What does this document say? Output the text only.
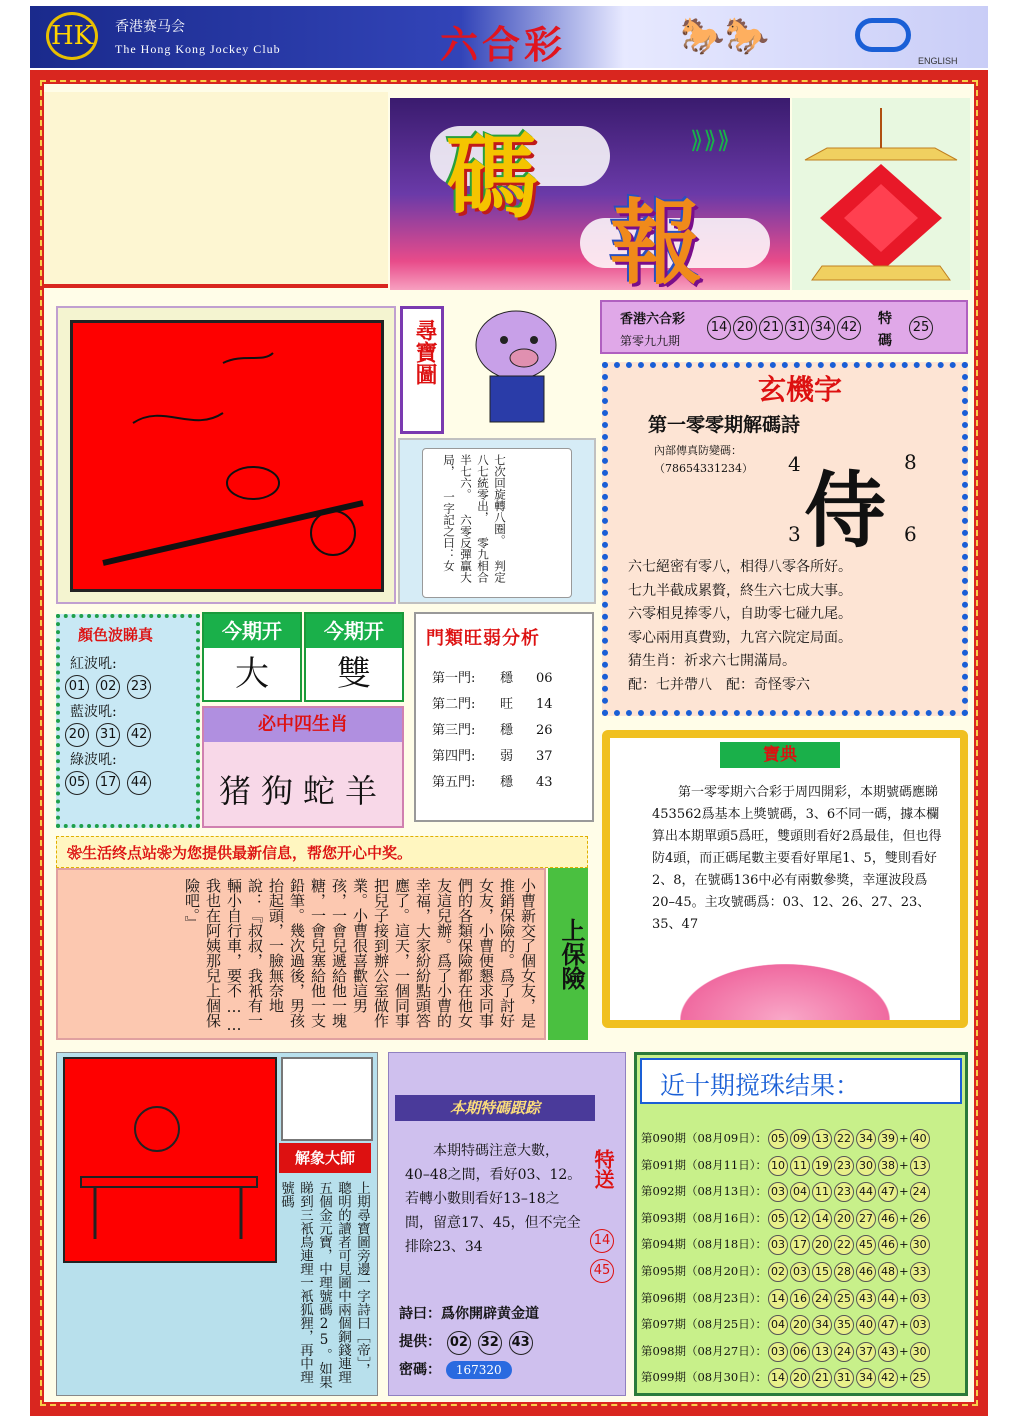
HK	香港赛马会
The Hong Kong Jockey Club	六合彩	🐎🐎
ENGLISH
碼
報
⟫⟫⟫
尋寶圖
七次回旋轉八圈。 判定八七統零出， 零九相合半七六。 六零反彈贏大局， 一字記之曰：女
香港六合彩
第零九九期
14 20 21 31 34 42
特
碼
25
玄機字
第一零零期解碼詩
內部傳真防變碼：
（78654331234） 4	8
侍
3	6
六七絕密有零八，相得八零各所好。
七九半截成累贅，終生六七成大事。
六零相見捧零八，自助零七碰九尾。
零心兩用真費勁，九宮六院定局面。
猜生肖：祈求六七開滿局。
配：七并帶八　配：奇怪零六
顏色波睇真
紅波吼:
01 02 23
藍波吼:
20 31 42
綠波吼:
05 17 44
今期开
大
今期开
雙
必中四生肖
猪狗蛇羊
門類旺弱分析
第一門: 穩 06
第二門: 旺 14
第三門: 穩 26
第四門: 弱 37
第五門: 穩 43
寶典
第一零零期六合彩于周四開彩，本期號碼應睇453562爲基本上獎號碼，3、6不同一碼，據本欄算出本期單頭5爲旺，雙頭則看好2爲最佳，但也得防4頭，而正碼尾數主要看好單尾1、5，雙則看好2、8，在號碼136中必有兩數參獎，幸運波段爲20–45。主攻號碼爲：03、12、26、27、23、35、47
❀生活终点站❀为您提供最新信息，帮您开心中奖。
小曹新交了個女友，是推銷保險的。爲了討好女友，小曹便懇求同事們的各類保險都在他女友這兒辦。爲了小曹的幸福，大家紛紛點頭答應了。這天，一個同事把兒子接到辦公室做作業。小曹很喜歡這男孩，一會兒遞給他一塊糖，一會兒塞給他一支鉛筆。幾次過後，男孩抬起頭，一臉無奈地說：『叔叔，我衹有一輛小自行車，要不……我也在阿姨那兒上個保險吧。』
上保險
解象大師
上期尋寶圖旁邊一字詩曰［帝］，聰明的讀者可見圖中兩個銅錢連理五個金元寶，中理號碼25。如果睇到三衹鳥連理一衹狐狸，再中理號碼
本期特碼跟踪
本期特碼注意大數，40–48之間，看好03、12。若轉小數則看好13–18之間，留意17、45，但不完全排除23、34
特送
14 45
詩曰：爲你開辟黄金道
提供： 02 32 43
密碼： 167320
近十期搅珠结果：
第090期（08月09日）： 05 09 13 22 34 39 + 40
第091期（08月11日）： 10 11 19 23 30 38 + 13
第092期（08月13日）： 03 04 11 23 44 47 + 24
第093期（08月16日）： 05 12 14 20 27 46 + 26
第094期（08月18日）： 03 17 20 22 45 46 + 30
第095期（08月20日）： 02 03 15 28 46 48 + 33
第096期（08月23日）： 14 16 24 25 43 44 + 03
第097期（08月25日）： 04 20 34 35 40 47 + 03
第098期（08月27日）： 03 06 13 24 37 43 + 30
第099期（08月30日）： 14 20 21 31 34 42 + 25
